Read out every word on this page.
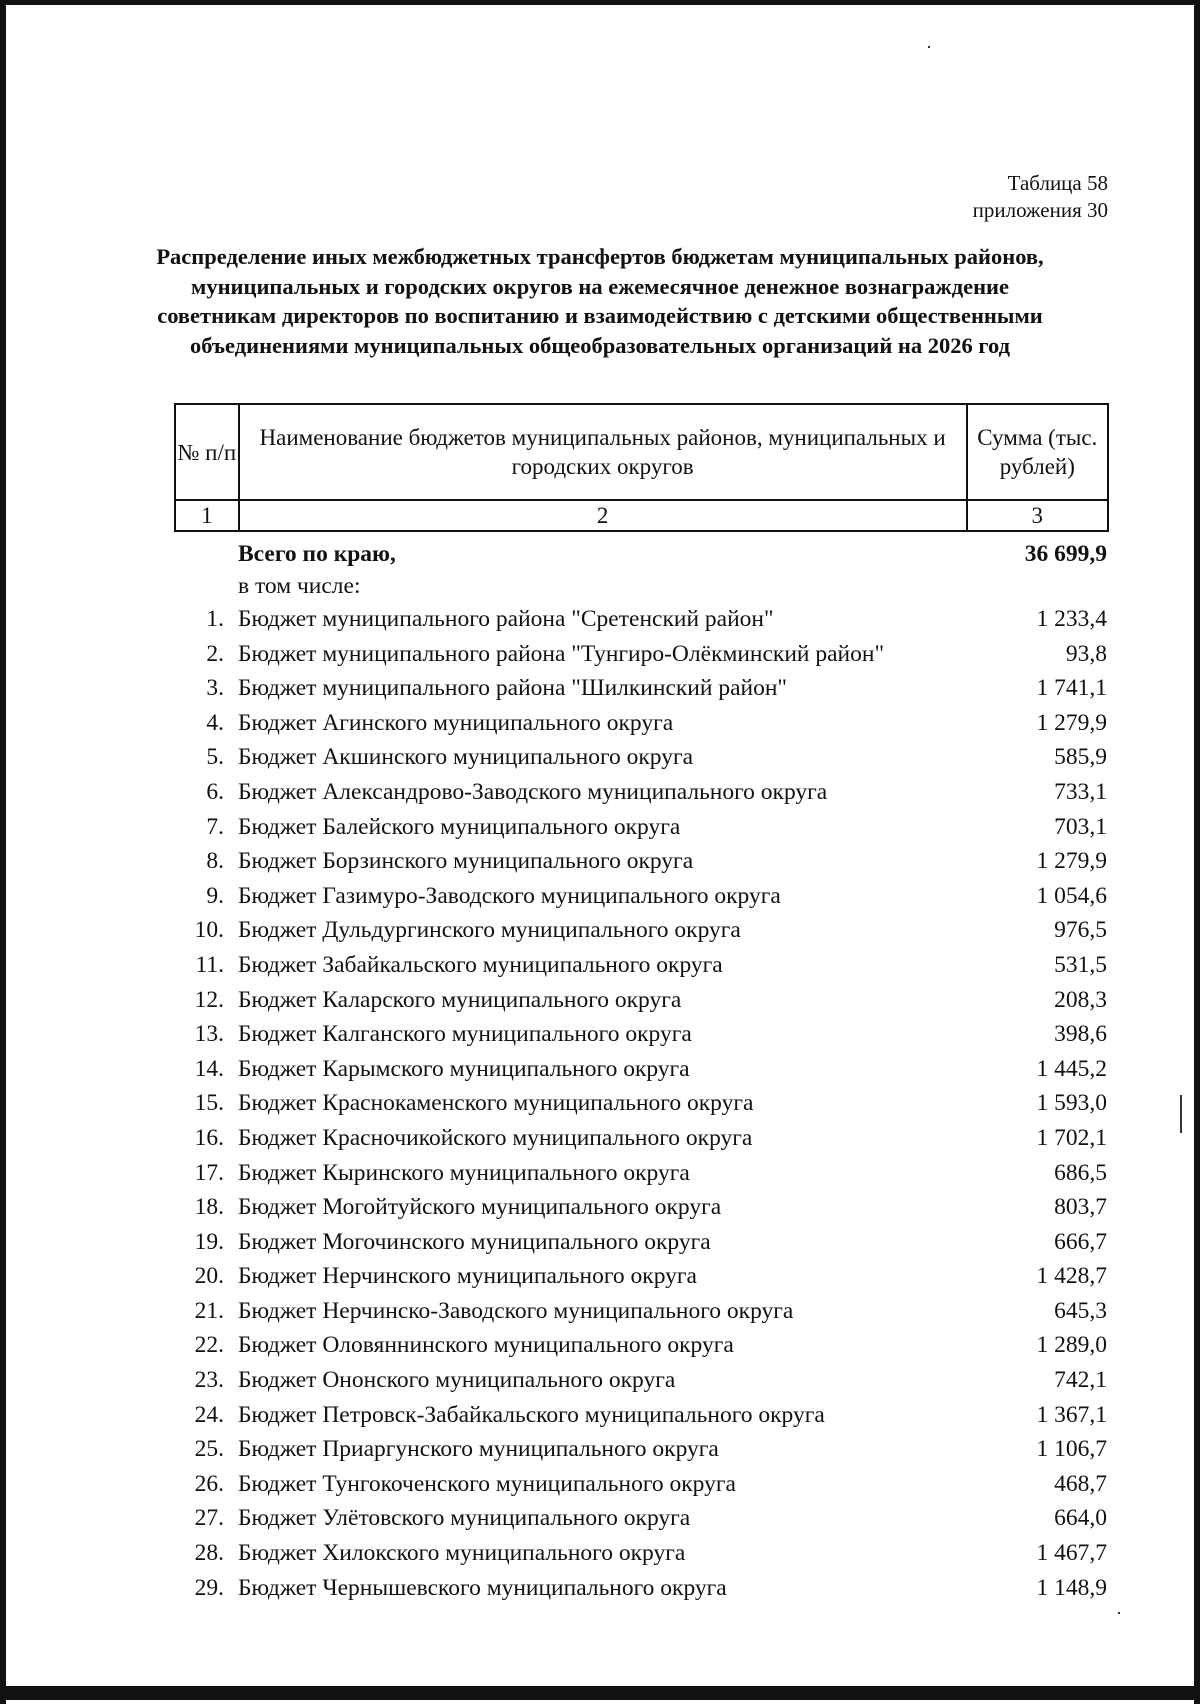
Таблица 58
приложения 30
Распределение иных межбюджетных трансфертов бюджетам муниципальных районов, муниципальных и городских округов на ежемесячное денежное вознаграждение советникам директоров по воспитанию и взаимодействию с детскими общественными объединениями муниципальных общеобразовательных организаций на 2026 год
№ п/п	Наименование бюджетов муниципальных районов, муниципальных и городских округов	Сумма (тыс. рублей)
1	2	3
Всего по краю,	36 699,9
в том числе:
1. Бюджет муниципального района "Сретенский район"	1 233,4
2. Бюджет муниципального района "Тунгиро-Олёкминский район"	93,8
3. Бюджет муниципального района "Шилкинский район"	1 741,1
4. Бюджет Агинского муниципального округа	1 279,9
5. Бюджет Акшинского муниципального округа	585,9
6. Бюджет Александрово-Заводского муниципального округа	733,1
7. Бюджет Балейского муниципального округа	703,1
8. Бюджет Борзинского муниципального округа	1 279,9
9. Бюджет Газимуро-Заводского муниципального округа	1 054,6
10. Бюджет Дульдургинского муниципального округа	976,5
11. Бюджет Забайкальского муниципального округа	531,5
12. Бюджет Каларского муниципального округа	208,3
13. Бюджет Калганского муниципального округа	398,6
14. Бюджет Карымского муниципального округа	1 445,2
15. Бюджет Краснокаменского муниципального округа	1 593,0
16. Бюджет Красночикойского муниципального округа	1 702,1
17. Бюджет Кыринского муниципального округа	686,5
18. Бюджет Могойтуйского муниципального округа	803,7
19. Бюджет Могочинского муниципального округа	666,7
20. Бюджет Нерчинского муниципального округа	1 428,7
21. Бюджет Нерчинско-Заводского муниципального округа	645,3
22. Бюджет Оловяннинского муниципального округа	1 289,0
23. Бюджет Ононского муниципального округа	742,1
24. Бюджет Петровск-Забайкальского муниципального округа	1 367,1
25. Бюджет Приаргунского муниципального округа	1 106,7
26. Бюджет Тунгокоченского муниципального округа	468,7
27. Бюджет Улётовского муниципального округа	664,0
28. Бюджет Хилокского муниципального округа	1 467,7
29. Бюджет Чернышевского муниципального округа	1 148,9
